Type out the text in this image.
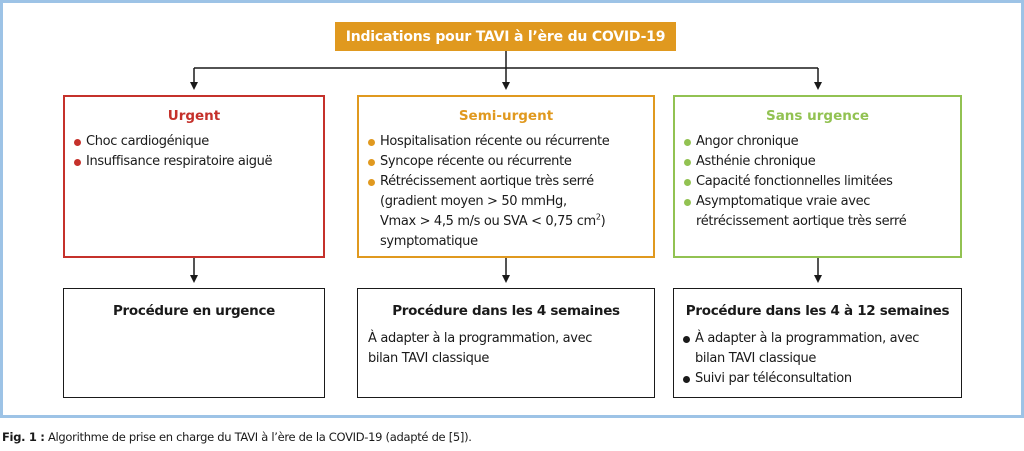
Indications pour TAVI à l’ère du COVID-19
Urgent
Choc cardiogénique
Insuffisance respiratoire aiguë
Semi-urgent
Hospitalisation récente ou récurrente
Syncope récente ou récurrente
Rétrécissement aortique très serré
(gradient moyen > 50 mmHg,
Vmax > 4,5 m/s ou SVA < 0,75 $cm^2$)
symptomatique
Sans urgence
Angor chronique
Asthénie chronique
Capacité fonctionnelles limitées
Asymptomatique vraie avec
rétrécissement aortique très serré
Procédure en urgence	Procédure dans les 4 semaines
À adapter à la programmation, avec
bilan TAVI classique
Procédure dans les 4 à 12 semaines
À adapter à la programmation, avec
bilan TAVI classique
Suivi par téléconsultation
Fig. 1 : Algorithme de prise en charge du TAVI à l’ère de la COVID-19 (adapté de [5]).
